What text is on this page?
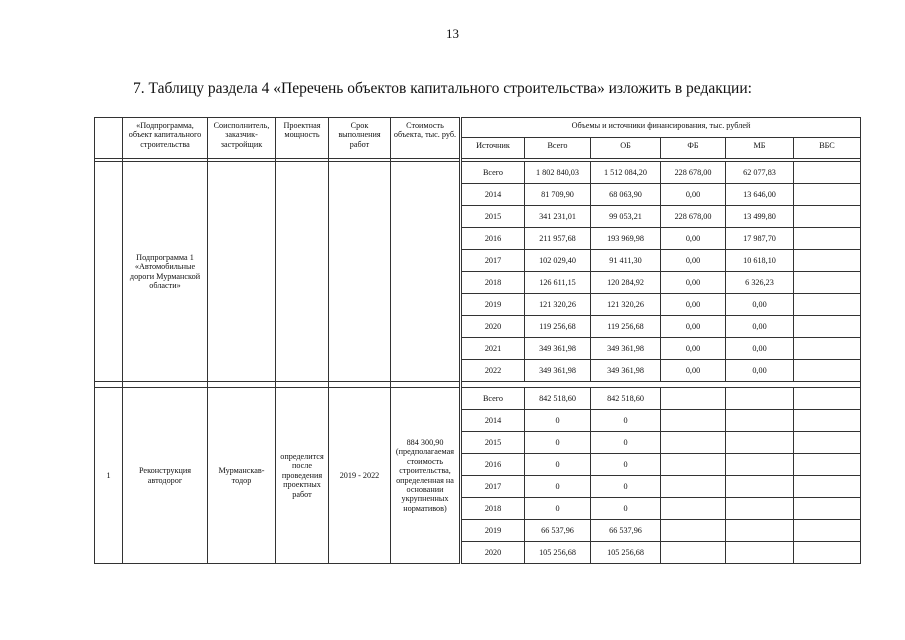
13
7. Таблицу раздела 4 «Перечень объектов капитального строительства» изложить в редакции:
	«Подпрограмма, объект капитального строительства	Соисполнитель, заказчик-застройщик	Проектная мощность	Срок выполнения работ	Стоимость объекта, тыс. руб.	Объемы и источники финансирования, тыс. рублей					
						Источник	Всего	ОБ	ФБ	МБ	ВБС

	Подпрограмма 1 «Автомобильные дороги Мурманской области»					Всего	1 802 840,03	1 512 084,20	228 678,00	62 077,83	
						2014	81 709,90	68 063,90	0,00	13 646,00	
						2015	341 231,01	99 053,21	228 678,00	13 499,80	
						2016	211 957,68	193 969,98	0,00	17 987,70	
						2017	102 029,40	91 411,30	0,00	10 618,10	
						2018	126 611,15	120 284,92	0,00	6 326,23	
						2019	121 320,26	121 320,26	0,00	0,00	
						2020	119 256,68	119 256,68	0,00	0,00	
						2021	349 361,98	349 361,98	0,00	0,00	
						2022	349 361,98	349 361,98	0,00	0,00	

1	Реконструкция автодорог	Мурманскав-тодор	определится после проведения проектных работ	2019 - 2022	884 300,90 (предполагаемая стоимость строительства, определенная на основании укрупненных нормативов)	Всего	842 518,60	842 518,60			
						2014	0	0			
						2015	0	0			
						2016	0	0			
						2017	0	0			
						2018	0	0			
						2019	66 537,96	66 537,96			
						2020	105 256,68	105 256,68			
